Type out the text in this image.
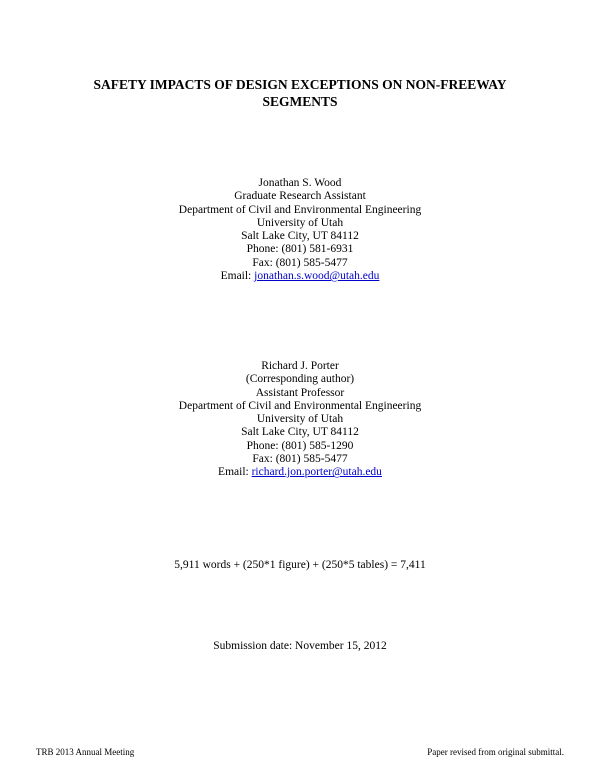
SAFETY IMPACTS OF DESIGN EXCEPTIONS ON NON-FREEWAY
SEGMENTS
Jonathan S. Wood
Graduate Research Assistant
Department of Civil and Environmental Engineering
University of Utah
Salt Lake City, UT 84112
Phone: (801) 581-6931
Fax: (801) 585-5477
Email: jonathan.s.wood@utah.edu
Richard J. Porter
(Corresponding author)
Assistant Professor
Department of Civil and Environmental Engineering
University of Utah
Salt Lake City, UT 84112
Phone: (801) 585-1290
Fax: (801) 585-5477
Email: richard.jon.porter@utah.edu
5,911 words + (250*1 figure) + (250*5 tables) = 7,411
Submission date: November 15, 2012
TRB 2013 Annual Meeting	Paper revised from original submittal.
